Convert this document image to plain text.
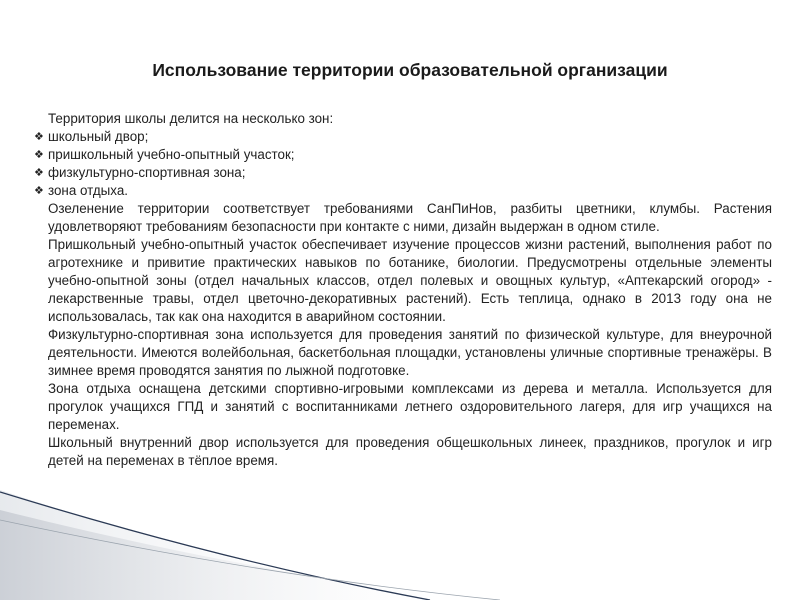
Использование территории образовательной организации

Территория школы делится на несколько зон:

❖ школьный двор;
❖ пришкольный учебно-опытный участок;
❖ физкультурно-спортивная зона;
❖ зона отдыха.

Озеленение территории соответствует требованиями СанПиНов, разбиты цветники, клумбы. Растения удовлетворяют требованиям безопасности при контакте с ними, дизайн выдержан в одном стиле.

Пришкольный учебно-опытный участок обеспечивает изучение процессов жизни растений, выполнения работ по агротехнике и привитие практических навыков по ботанике, биологии. Предусмотрены отдельные элементы учебно-опытной зоны (отдел начальных классов, отдел полевых и овощных культур, «Аптекарский огород» - лекарственные травы, отдел цветочно-декоративных растений). Есть теплица, однако в 2013 году она не использовалась, так как она находится в аварийном состоянии.

Физкультурно-спортивная зона используется для проведения занятий по физической культуре, для внеурочной деятельности. Имеются волейбольная, баскетбольная площадки, установлены уличные спортивные тренажёры. В зимнее время проводятся занятия по лыжной подготовке.

Зона отдыха оснащена детскими спортивно-игровыми комплексами из дерева и металла. Используется для прогулок учащихся ГПД и занятий с воспитанниками летнего оздоровительного лагеря, для игр учащихся на переменах.

Школьный внутренний двор используется для проведения общешкольных линеек, праздников, прогулок и игр детей на переменах в тёплое время.
